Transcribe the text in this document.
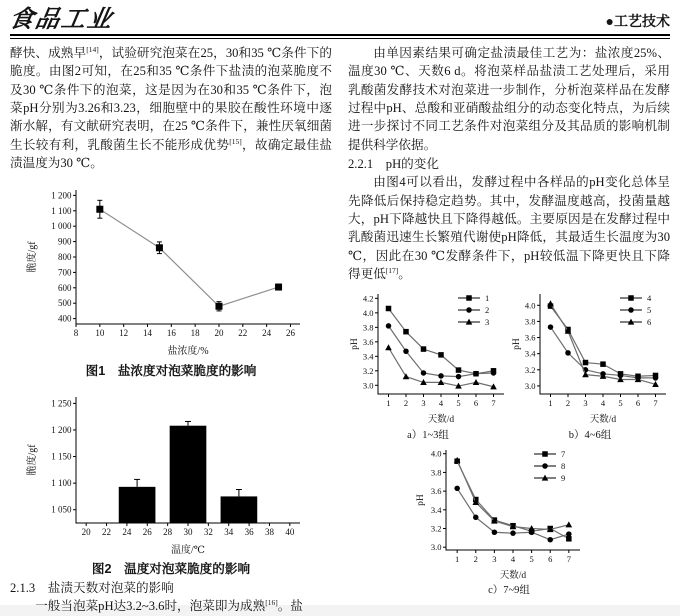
食品工业	●工艺技术

酵快、成熟早[14]，试验研究泡菜在25，30和35 ℃条件下的脆度。由图2可知，在25和35 ℃条件下盐渍的泡菜脆度不及30 ℃条件下的泡菜，这是因为在30和35 ℃条件下，泡菜pH分别为3.26和3.23，细胞壁中的果胶在酸性环境中逐渐水解，有文献研究表明，在25 ℃条件下，兼性厌氧细菌生长较有利，乳酸菌生长不能形成优势[15]，故确定最佳盐渍温度为30 ℃。

400
500
600
700
800
900
1 000
1 100
1 200
8 10 12 14 16 18 20 22 24 26
盐浓度/%
脆度/gf
图1　盐浓度对泡菜脆度的影响
1 050
1 100
1 150
1 200
1 250
20 22 24 26 28 30 32 34 36 38 40
温度/℃
脆度/gf
图2　温度对泡菜脆度的影响

2.1.3　盐渍天数对泡菜的影响

一般当泡菜pH达3.2~3.6时，泡菜即为成熟[16]。盐

由单因素结果可确定盐渍最佳工艺为：盐浓度25%、温度30 ℃、天数6 d。将泡菜样品盐渍工艺处理后，采用乳酸菌发酵技术对泡菜进一步制作，分析泡菜样品在发酵过程中pH、总酸和亚硝酸盐组分的动态变化特点，为后续进一步探讨不同工艺条件对泡菜组分及其品质的影响机制提供科学依据。

2.2.1　pH的变化

由图4可以看出，发酵过程中各样品的pH变化总体呈先降低后保持稳定趋势。其中，发酵温度越高，投菌量越大，pH下降越快且下降得越低。主要原因是在发酵过程中乳酸菌迅速生长繁殖代谢使pH降低，其最适生长温度为30 ℃，因此在30 ℃发酵条件下，pH较低温下降更快且下降得更低[17]。

3.0
3.2
3.4
3.6
3.8
4.0
4.2
1 2 3 4 5 6 7
天数/d
pH
1
2
3
a）1~3组
3.0
3.2
3.4
3.6
3.8
4.0
1 2 3 4 5 6 7
天数/d
pH
4
5
6
b）4~6组
3.0
3.2
3.4
3.6
3.8
4.0
1 2 3 4 5 6 7
天数/d
pH
7
8
9
c）7~9组
